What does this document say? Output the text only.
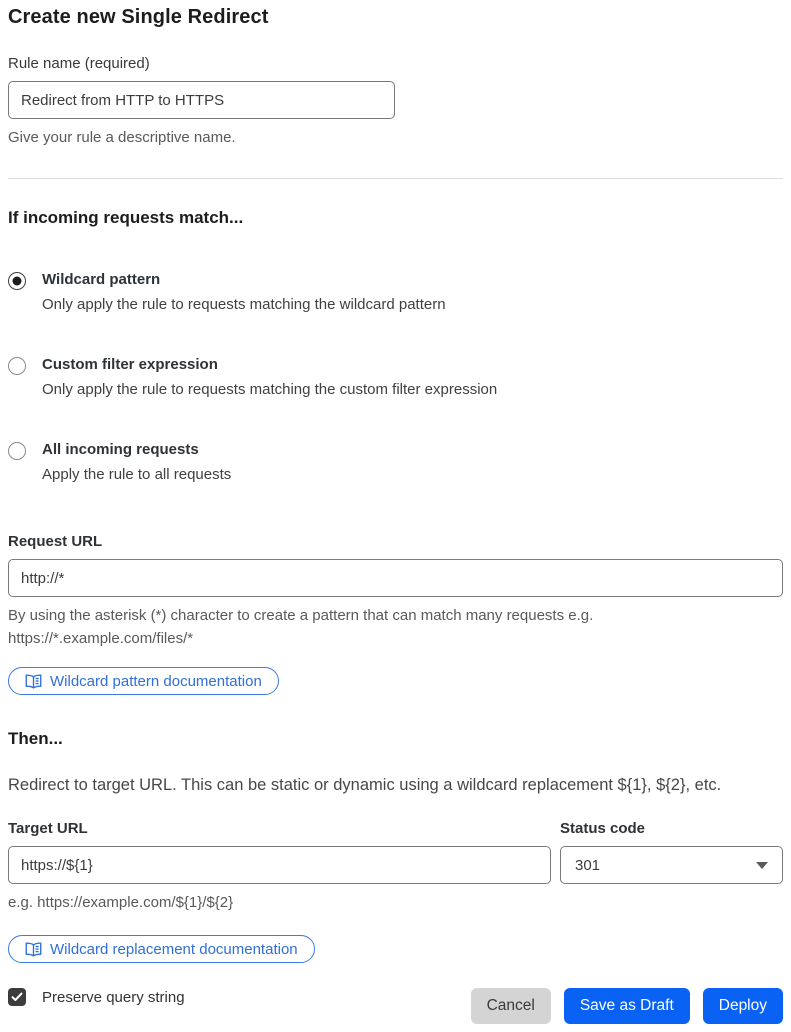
Create new Single Redirect
Rule name (required)
Redirect from HTTP to HTTPS
Give your rule a descriptive name.
If incoming requests match...
Wildcard pattern
Only apply the rule to requests matching the wildcard pattern
Custom filter expression
Only apply the rule to requests matching the custom filter expression
All incoming requests
Apply the rule to all requests
Request URL
http://*
By using the asterisk (*) character to create a pattern that can match many requests e.g.
https://*.example.com/files/*
Wildcard pattern documentation
Then...

Redirect to target URL. This can be static or dynamic using a wildcard replacement ${1}, ${2}, etc.

Target URL
https://${1}
e.g. https://example.com/${1}/${2}
Status code
301
Wildcard replacement documentation
Preserve query string	Cancel	Save as Draft	Deploy
